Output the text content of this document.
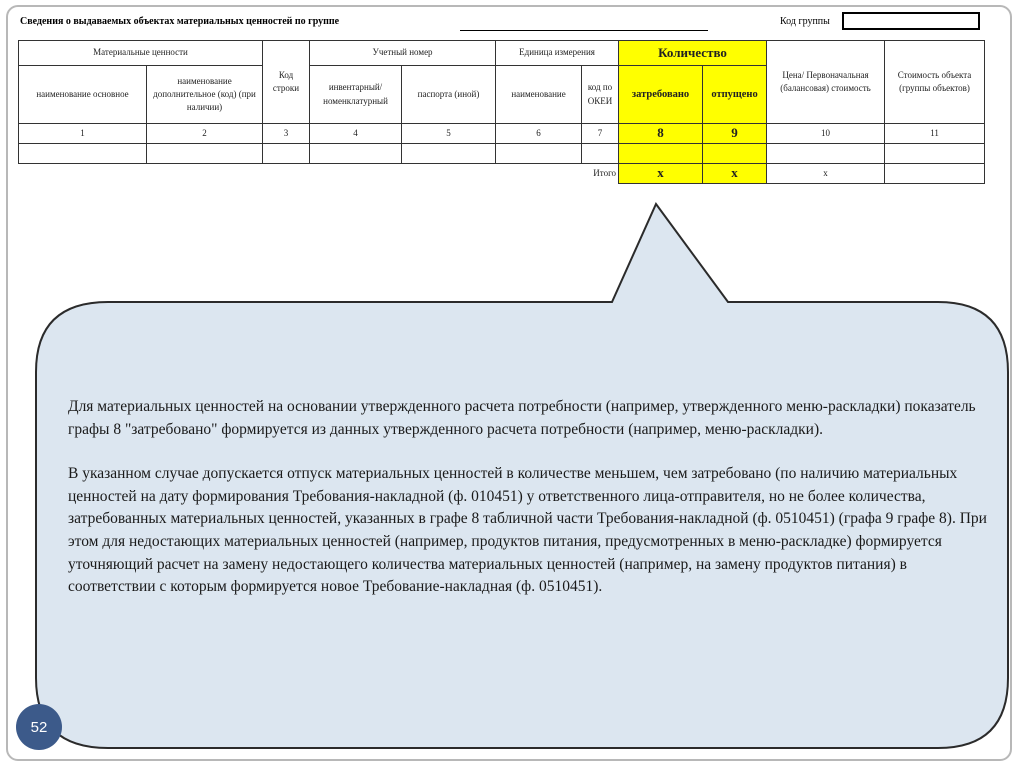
Сведения о выдаваемых объектах материальных ценностей по группе	Код группы
Материальные ценности		Код строки	Учетный номер		Единица измерения		Количество		Цена/ Первоначальная (балансовая) стоимость	Стоимость объекта (группы объектов)
наименование основное	наименование дополнительное (код) (при наличии)		инвентарный/ номенклатурный	паспорта (иной)	наименование	код по ОКЕИ	затребовано	отпущено		
1	2	3	4	5	6	7	8	9	10	11

Итого							x	x	x	

Для материальных ценностей на основании утвержденного расчета потребности (например, утвержденного меню-раскладки) показатель графы 8 "затребовано" формируется из данных утвержденного расчета потребности (например, меню-раскладки).

В указанном случае допускается отпуск материальных ценностей в количестве меньшем, чем затребовано (по наличию материальных ценностей на дату формирования Требования-накладной (ф. 010451) у ответственного лица-отправителя, но не более количества, затребованных материальных ценностей, указанных в графе 8 табличной части Требования-накладной (ф. 0510451) (графа 9 графе 8). При этом для недостающих материальных ценностей (например, продуктов питания, предусмотренных в меню-раскладке) формируется уточняющий расчет на замену недостающего количества материальных ценностей (например, на замену продуктов питания) в соответствии с которым формируется новое Требование-накладная (ф. 0510451).

52
